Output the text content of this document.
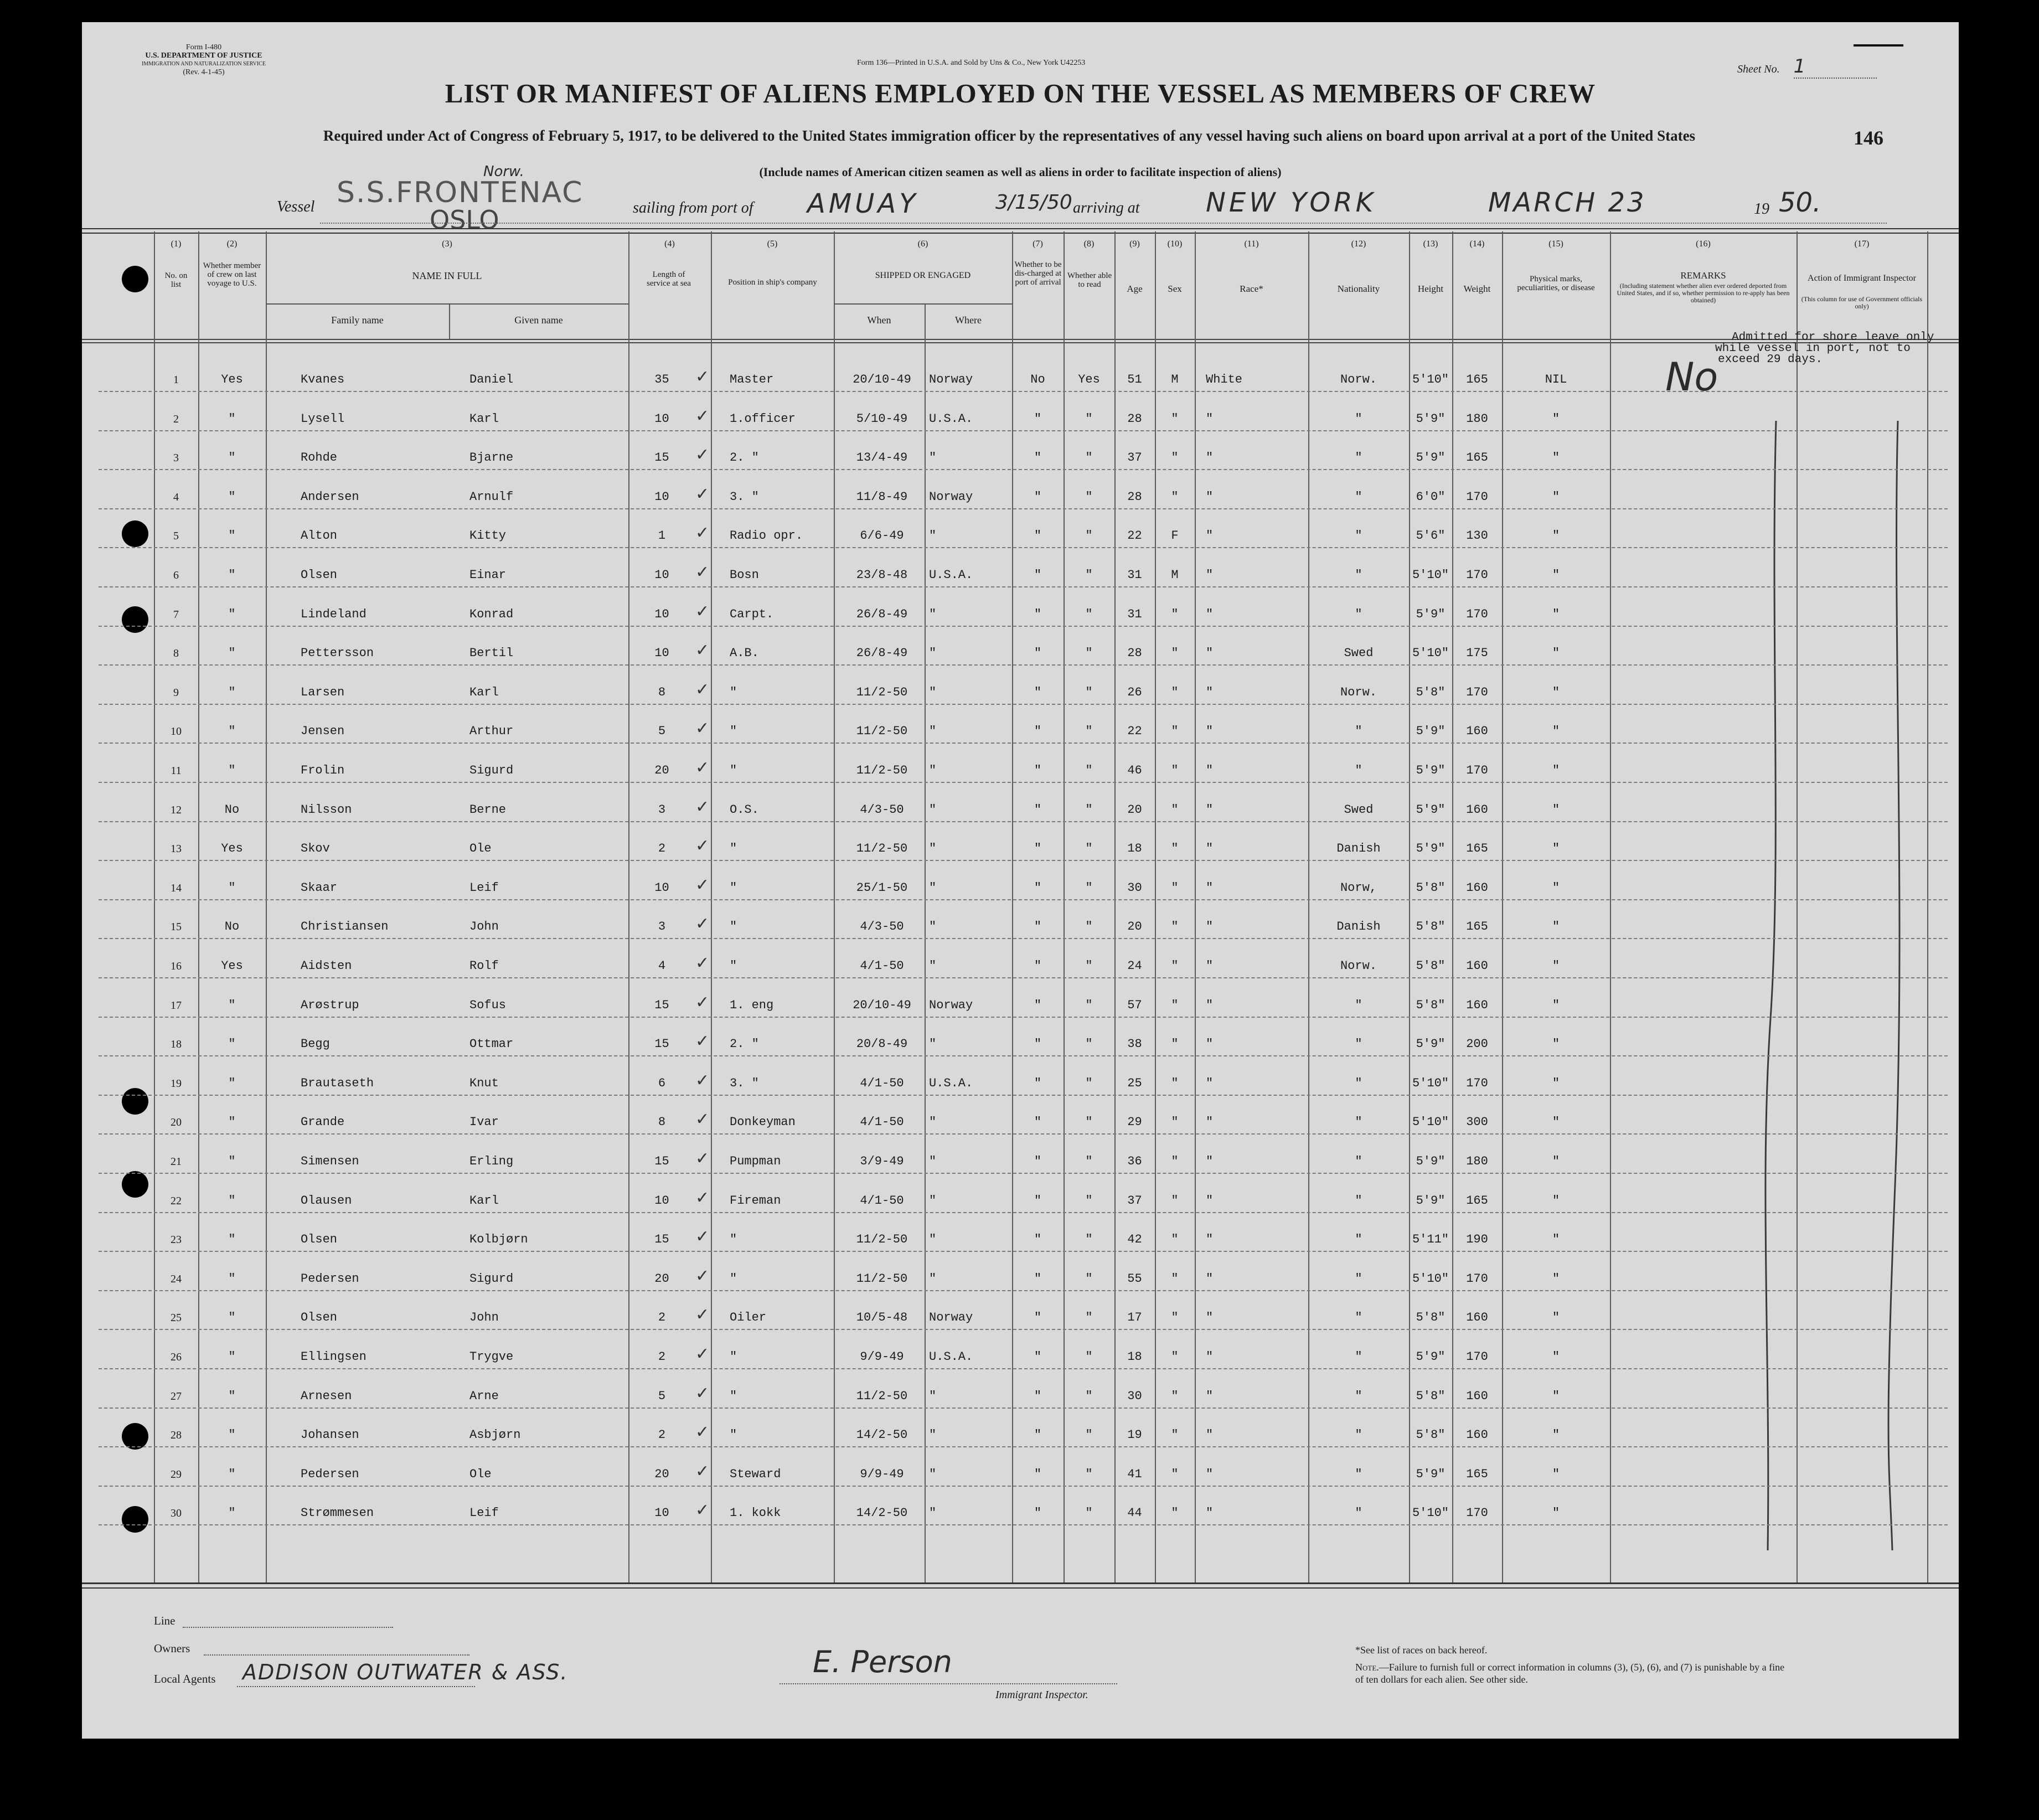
Form I-480
U.S. DEPARTMENT OF JUSTICE
IMMIGRATION AND NATURALIZATION SERVICE
(Rev. 4-1-45)
Form 136—Printed in U.S.A. and Sold by Uns & Co., New York U42253
Sheet No. 1
LIST OR MANIFEST OF ALIENS EMPLOYED ON THE VESSEL AS MEMBERS OF CREW
Required under Act of Congress of February 5, 1917, to be delivered to the United States immigration officer by the representatives of any vessel having such aliens on board upon arrival at a port of the United States	146
(Include names of American citizen seamen as well as aliens in order to facilitate inspection of aliens)
Vessel S.S.FRONTENAC
OSLO
Norw.
sailing from port of AMUAY	3/15/50 arriving at NEW YORK	MARCH 23	19 50.
(1)	(2)	(3)	(4)	(5)	(6)	(7)	(8)	(9)	(10)	(11)	(12)	(13)	(14)	(15)	(16)	(17)
No. on list
Whether member of crew on last voyage to U.S.
NAME IN FULL
Family name	Given name
Length of service at sea	Position in ship's company
SHIPPED OR ENGAGED
When	Where
Whether to be dis-charged at port of arrival
Whether able to read	Age	Sex	Race*	Nationality	Height	Weight
Physical marks, peculiarities, or disease
REMARKS
(Including statement whether alien ever ordered deported from United States, and if so, whether permission to re-apply has been obtained)
Action of Immigrant Inspector
(This column for use of Government officials only)
Admitted for shore leave only
while vessel in port, not to
exceed 29 days.
No
1	Yes	Kvanes	Daniel	35	Master	20/10-49	Norway	No	Yes	51	M	White	Norw.	5'10"	165	NIL
✓
2	"	Lysell	Karl	10	1.officer	5/10-49	U.S.A.	"	"	28	"	"	"	5'9"	180	"
✓
3	"	Rohde	Bjarne	15	2. "	13/4-49	"	"	"	37	"	"	"	5'9"	165	"
✓
4	"	Andersen	Arnulf	10	3. "	11/8-49	Norway	"	"	28	"	"	"	6'0"	170	"
✓
5	"	Alton	Kitty	1	Radio opr.	6/6-49	"	"	"	22	F	"	"	5'6"	130	"
✓
6	"	Olsen	Einar	10	Bosn	23/8-48	U.S.A.	"	"	31	M	"	"	5'10"	170	"
✓
7	"	Lindeland	Konrad	10	Carpt.	26/8-49	"	"	"	31	"	"	"	5'9"	170	"
✓
8	"	Pettersson	Bertil	10	A.B.	26/8-49	"	"	"	28	"	"	Swed	5'10"	175	"
✓
9	"	Larsen	Karl	8	"	11/2-50	"	"	"	26	"	"	Norw.	5'8"	170	"
✓
10	"	Jensen	Arthur	5	"	11/2-50	"	"	"	22	"	"	"	5'9"	160	"
✓
11	"	Frolin	Sigurd	20	"	11/2-50	"	"	"	46	"	"	"	5'9"	170	"
✓
12	No	Nilsson	Berne	3	O.S.	4/3-50	"	"	"	20	"	"	Swed	5'9"	160	"
✓
13	Yes	Skov	Ole	2	"	11/2-50	"	"	"	18	"	"	Danish	5'9"	165	"
✓
14	"	Skaar	Leif	10	"	25/1-50	"	"	"	30	"	"	Norw,	5'8"	160	"
✓
15	No	Christiansen	John	3	"	4/3-50	"	"	"	20	"	"	Danish	5'8"	165	"
✓
16	Yes	Aidsten	Rolf	4	"	4/1-50	"	"	"	24	"	"	Norw.	5'8"	160	"
✓
17	"	Arøstrup	Sofus	15	1. eng	20/10-49	Norway	"	"	57	"	"	"	5'8"	160	"
✓
18	"	Begg	Ottmar	15	2. "	20/8-49	"	"	"	38	"	"	"	5'9"	200	"
✓
19	"	Brautaseth	Knut	6	3. "	4/1-50	U.S.A.	"	"	25	"	"	"	5'10"	170	"
✓
20	"	Grande	Ivar	8	Donkeyman	4/1-50	"	"	"	29	"	"	"	5'10"	300	"
✓
21	"	Simensen	Erling	15	Pumpman	3/9-49	"	"	"	36	"	"	"	5'9"	180	"
✓
22	"	Olausen	Karl	10	Fireman	4/1-50	"	"	"	37	"	"	"	5'9"	165	"
✓
23	"	Olsen	Kolbjørn	15	"	11/2-50	"	"	"	42	"	"	"	5'11"	190	"
✓
24	"	Pedersen	Sigurd	20	"	11/2-50	"	"	"	55	"	"	"	5'10"	170	"
✓
25	"	Olsen	John	2	Oiler	10/5-48	Norway	"	"	17	"	"	"	5'8"	160	"
✓
26	"	Ellingsen	Trygve	2	"	9/9-49	U.S.A.	"	"	18	"	"	"	5'9"	170	"
✓
27	"	Arnesen	Arne	5	"	11/2-50	"	"	"	30	"	"	"	5'8"	160	"
✓
28	"	Johansen	Asbjørn	2	"	14/2-50	"	"	"	19	"	"	"	5'8"	160	"
✓
29	"	Pedersen	Ole	20	Steward	9/9-49	"	"	"	41	"	"	"	5'9"	165	"
✓
30	"	Strømmesen	Leif	10	1. kokk	14/2-50	"	"	"	44	"	"	"	5'10"	170	"
✓
Line
Owners
Local Agents ADDISON OUTWATER & ASS.	E. Person
Immigrant Inspector.
*See list of races on back hereof.
Note.—Failure to furnish full or correct information in columns (3), (5), (6), and (7) is punishable by a fine of ten dollars for each alien. See other side.
